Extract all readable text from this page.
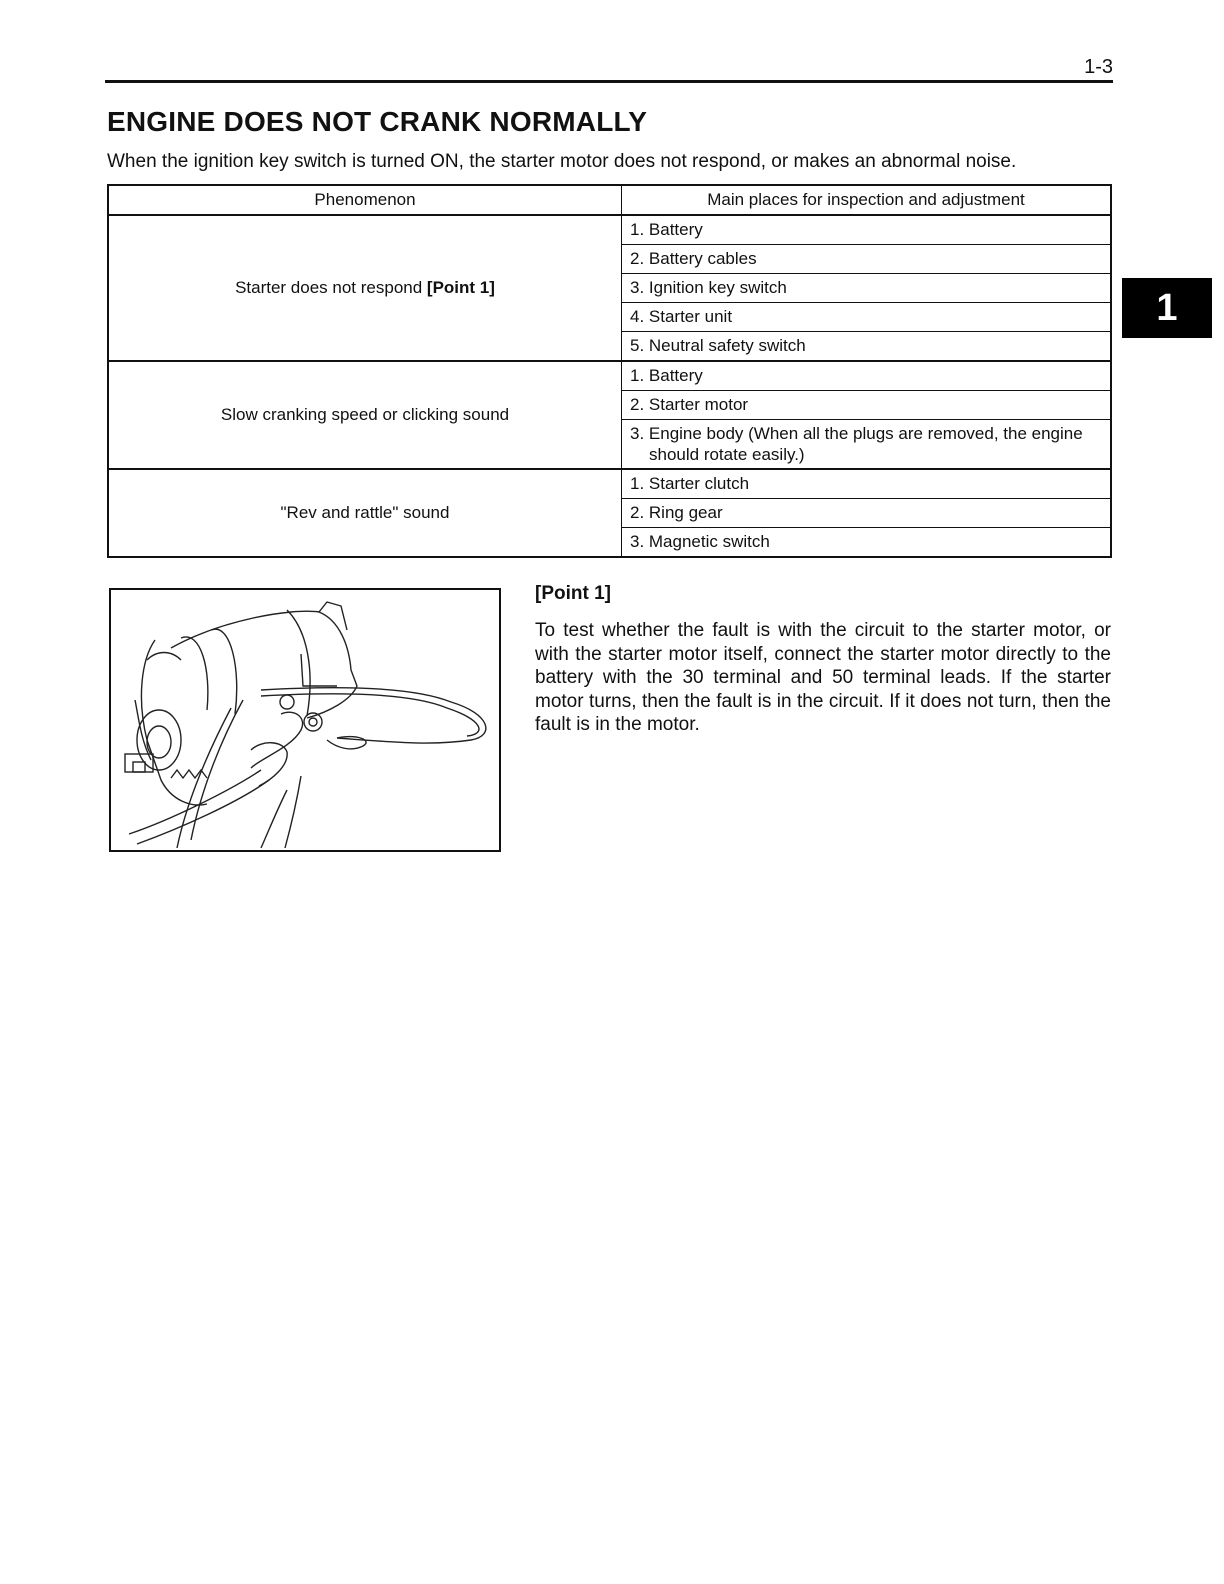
1-3
ENGINE DOES NOT CRANK NORMALLY

When the ignition key switch is turned ON, the starter motor does not respond, or makes an abnormal noise.

1
Phenomenon	Main places for inspection and adjustment
Starter does not respond [Point 1]	1. Battery
	2. Battery cables
	3. Ignition key switch
	4. Starter unit
	5. Neutral safety switch
Slow cranking speed or clicking sound	1. Battery
	2. Starter motor
	3. Engine body (When all the plugs are removed, the engine should rotate easily.)
"Rev and rattle" sound	1. Starter clutch
	2. Ring gear
	3. Magnetic switch
[Point 1]

To test whether the fault is with the circuit to the starter motor, or with the starter motor itself, connect the starter motor directly to the battery with the 30 terminal and 50 terminal leads. If the starter motor turns, then the fault is in the circuit. If it does not turn, then the fault is in the motor.
